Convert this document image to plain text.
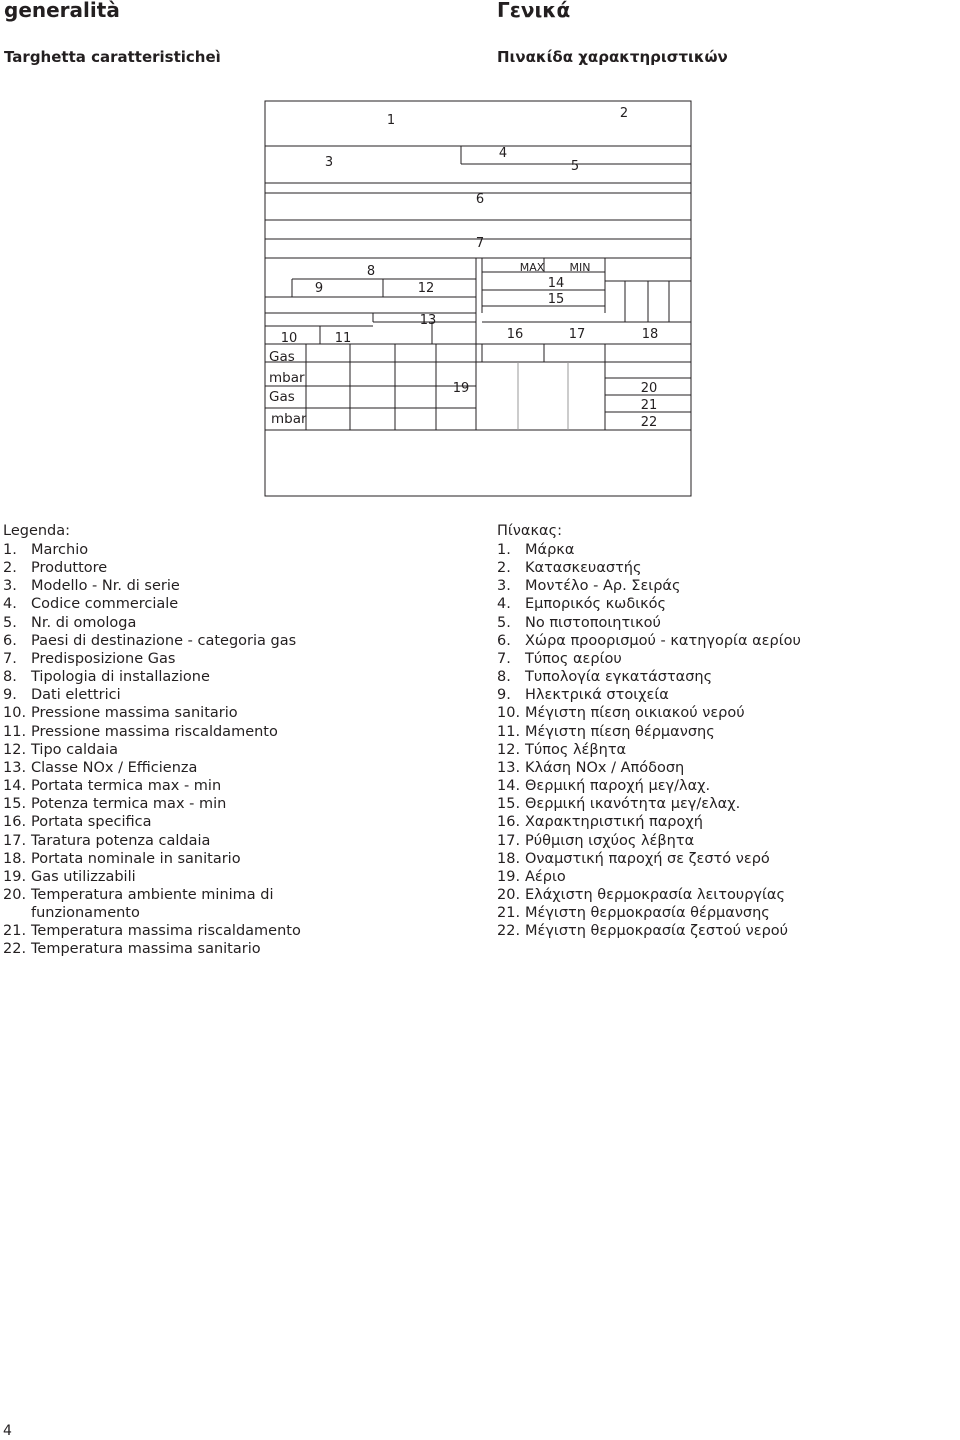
generalità	Γενικά
Targhetta caratteristicheì	Πινακίδα χαρακτηριστικών
1	2
3
4
5
6
7
8
9
10	11
12
13
14
15
16	17	18
19	20
21
22
MAX MIN
Gas
mbar
Gas
mbar

Legenda:

1. Marchio
2. Produttore
3. Modello - Nr. di serie
4. Codice commerciale
5. Nr. di omologa
6. Paesi di destinazione - categoria gas
7. Predisposizione Gas
8. Tipologia di installazione
9. Dati elettrici
10. Pressione massima sanitario
11. Pressione massima riscaldamento
12. Tipo caldaia
13. Classe NOx / Efficienza
14. Portata termica max - min
15. Potenza termica max - min
16. Portata specifica
17. Taratura potenza caldaia
18. Portata nominale in sanitario
19. Gas utilizzabili
20. Temperatura ambiente minima di funzionamento
21. Temperatura massima riscaldamento
22. Temperatura massima sanitario

Πίνακας:

1. Μάρκα
2. Κατασκευαστής
3. Μοντέλο - Αρ. Σειράς
4. Εμπορικός κωδικός
5. Νο πιστοποιητικού
6. Χώρα προορισμού - κατηγορία αερίου
7. Τύπος αερίου
8. Τυπολογία εγκατάστασης
9. Ηλεκτρικά στοιχεία
10. Μέγιστη πίεση οικιακού νερού
11. Μέγιστη πίεση θέρμανσης
12. Τύπος λέβητα
13. Κλάση NOx / Απόδοση
14. Θερμική παροχή μεγ/λαχ.
15. Θερμική ικανότητα μεγ/ελαχ.
16. Χαρακτηριστική παροχή
17. Ρύθμιση ισχύος λέβητα
18. Οναμστική παροχή σε ζεστό νερό
19. Αέριο
20. Ελάχιστη θερμοκρασία λειτουργίας
21. Μέγιστη θερμοκρασία θέρμανσης
22. Μέγιστη θερμοκρασία ζεστού νερού

4
